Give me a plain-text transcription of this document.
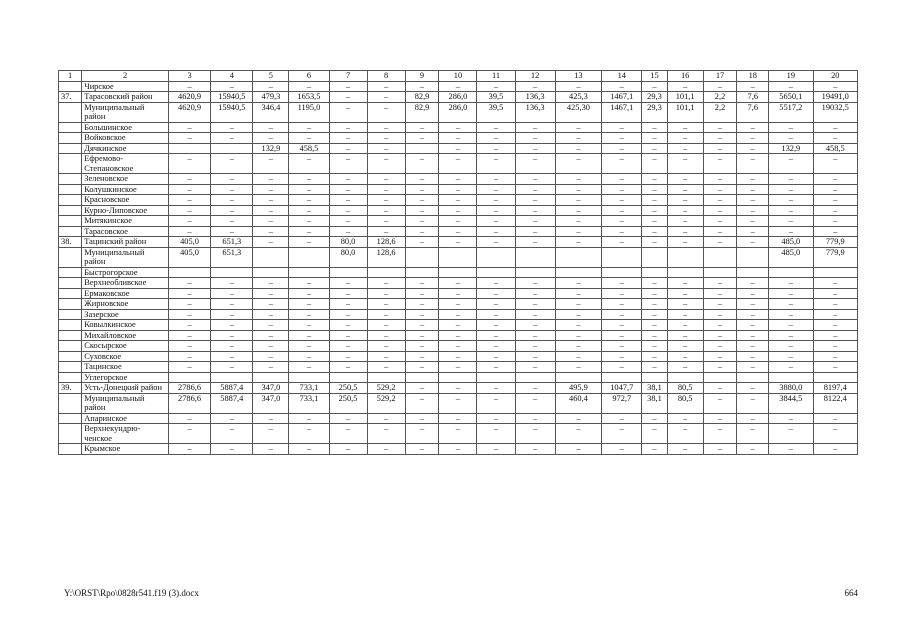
1	2	3	4	5	6	7	8	9	10	11	12	13	14	15	16	17	18	19	20
	Чирское	–	–	–	–	–	–	–	–	–	–	–	–	–	–	–	–	–	–
37.	Тарасовский район	4620,9	15940,5	479,3	1653,5	–	–	82,9	286,0	39,5	136,3	425,3	1467,1	29,3	101,1	2,2	7,6	5650,1	19491,0
	Муниципальный район	4620,9	15940,5	346,4	1195,0	–	–	82,9	286,0	39,5	136,3	425,30	1467,1	29,3	101,1	2,2	7,6	5517,2	19032,5
	Большинское	–	–	–	–	–	–	–	–	–	–	–	–	–	–	–	–	–	–
	Войковское	–	–	–	–	–	–	–	–	–	–	–	–	–	–	–	–	–	–
	Дячкинское			132,9	458,5	–	–		–	–	–	–	–	–	–	–	–	132,9	458,5
	Ефремово-Степановское	–	–	–	–	–	–	–	–	–	–	–	–	–	–	–	–	–	–
	Зеленовское	–	–	–	–	–	–	–	–	–	–	–	–	–	–	–	–	–	–
	Колушкинское	–	–	–	–	–	–	–	–	–	–	–	–	–	–	–	–	–	–
	Красновское	–	–	–	–	–	–	–	–	–	–	–	–	–	–	–	–	–	–
	Курно-Липовское	–	–	–	–	–	–	–	–	–	–	–	–	–	–	–	–	–	–
	Митякинское	–	–	–	–	–	–	–	–	–	–	–	–	–	–	–	–	–	–
	Тарасовское	–	–	–	–	–	–	–	–	–	–	–	–	–	–	–	–	–	–
38.	Тацинский район	405,0	651,3	–	–	80,0	128,6	–	–	–	–	–	–	–	–	–	–	485,0	779,9
	Муниципальный район	405,0	651,3			80,0	128,6											485,0	779,9
	Быстрогорское																		
	Верхнеобливское	–	–	–	–	–	–	–	–	–	–	–	–	–	–	–	–	–	–
	Ермаковское	–	–	–	–	–	–	–	–	–	–	–	–	–	–	–	–	–	–
	Жирновское	–	–	–	–	–	–	–	–	–	–	–	–	–	–	–	–	–	–
	Зазерское	–	–	–	–	–	–	–	–	–	–	–	–	–	–	–	–	–	–
	Ковылкинское	–	–	–	–	–	–	–	–	–	–	–	–	–	–	–	–	–	–
	Михайловское	–	–	–	–	–	–	–	–	–	–	–	–	–	–	–	–	–	–
	Скосырское	–	–	–	–	–	–	–	–	–	–	–	–	–	–	–	–	–	–
	Суховское	–	–	–	–	–	–	–	–	–	–	–	–	–	–	–	–	–	–
	Тацинское	–	–	–	–	–	–	–	–	–	–	–	–	–	–	–	–	–	–
	Углегорское																		
39.	Усть-Донецкий район	2786,6	5887,4	347,0	733,1	250,5	529,2	–	–	–	–	495,9	1047,7	38,1	80,5	–	–	3880,0	8197,4
	Муниципальный район	2786,6	5887,4	347,0	733,1	250,5	529,2	–	–	–	–	460,4	972,7	38,1	80,5	–	–	3844,5	8122,4
	Апаринское	–	–	–	–	–	–	–	–	–	–	–	–	–	–	–	–	–	–
	Верхнекундрю-ченское	–	–	–	–	–	–	–	–	–	–	–	–	–	–	–	–	–	–
	Крымское	–	–	–	–	–	–	–	–	–	–	–	–	–	–	–	–	–	–
Y:\ORST\Rpo\0828r541.f19 (3).docx	664
